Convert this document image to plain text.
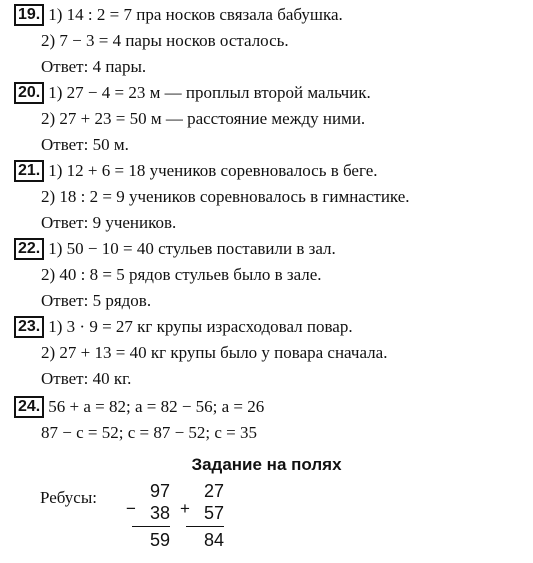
19. 1) 14 : 2 = 7 пра носков связала бабушка.
2) 7 − 3 = 4 пары носков осталось.
Ответ: 4 пары.
20. 1) 27 − 4 = 23 м — проплыл второй мальчик.
2) 27 + 23 = 50 м — расстояние между ними.
Ответ: 50 м.
21. 1) 12 + 6 = 18 учеников соревновалось в беге.
2) 18 : 2 = 9 учеников соревновалось в гимнастике.
Ответ: 9 учеников.
22. 1) 50 − 10 = 40 стульев поставили в зал.
2) 40 : 8 = 5 рядов стульев было в зале.
Ответ: 5 рядов.
23. 1) 3 · 9 = 27 кг крупы израсходовал повар.
2) 27 + 13 = 40 кг крупы было у повара сначала.
Ответ: 40 кг.
24. 56 + а = 82; а = 82 − 56; а = 26
87 − с = 52; с = 87 − 52; с = 35
Задание на полях
Ребусы:	97
− 38
59
27
+ 57
84
